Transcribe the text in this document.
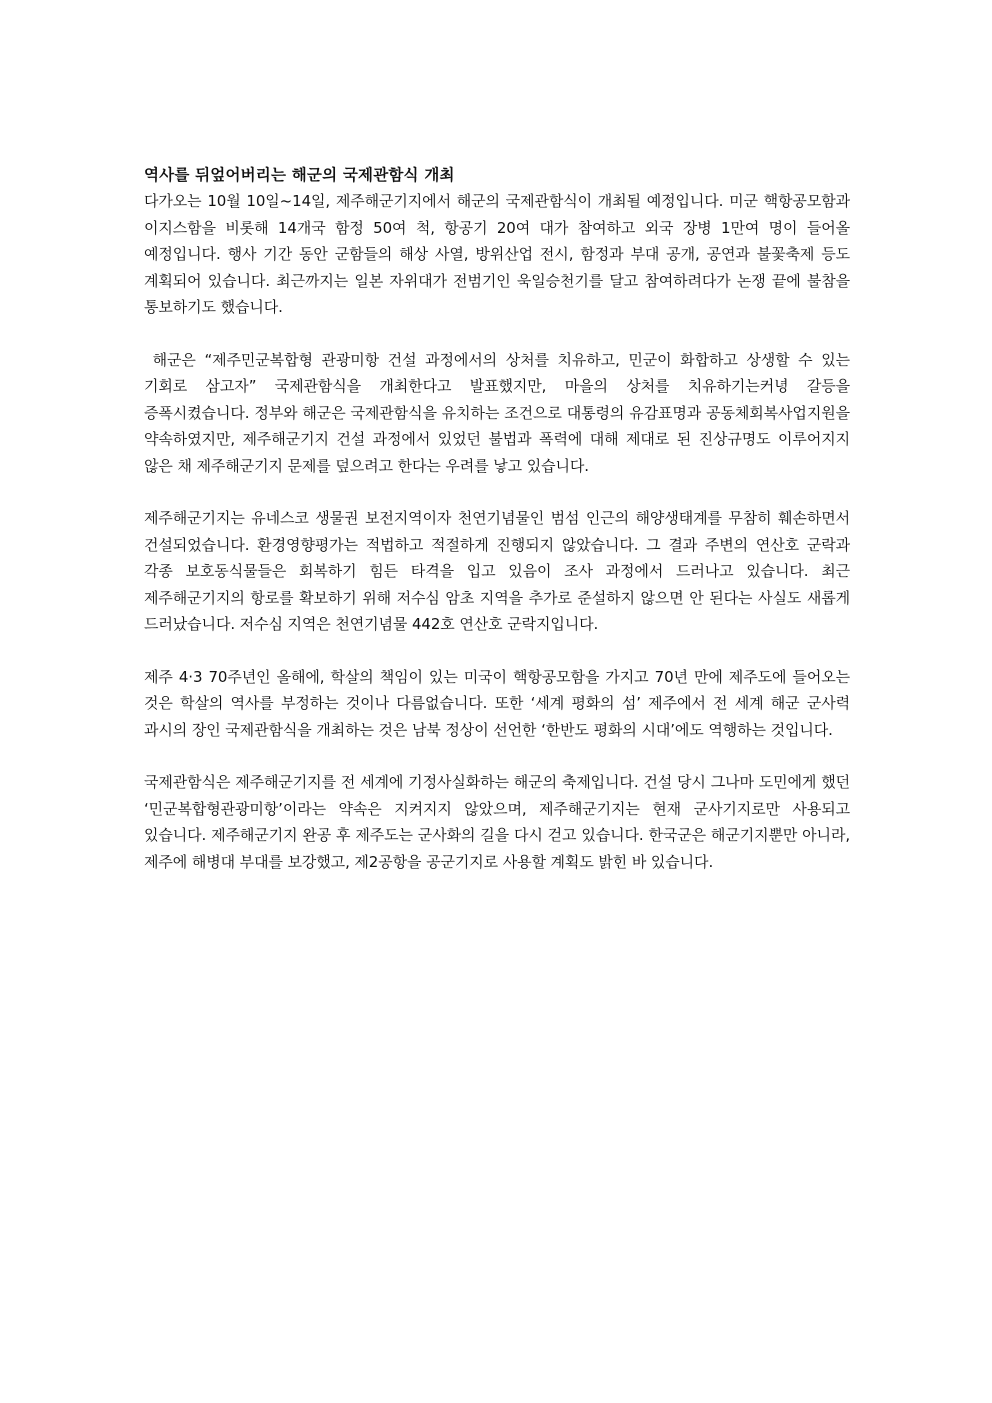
역사를 뒤엎어버리는 해군의 국제관함식 개최

다가오는 10월 10일~14일, 제주해군기지에서 해군의 국제관함식이 개최될 예정입니다. 미군 핵항공모함과 이지스함을 비롯해 14개국 함정 50여 척, 항공기 20여 대가 참여하고 외국 장병 1만여 명이 들어올 예정입니다. 행사 기간 동안 군함들의 해상 사열, 방위산업 전시, 함정과 부대 공개, 공연과 불꽃축제 등도 계획되어 있습니다. 최근까지는 일본 자위대가 전범기인 욱일승천기를 달고 참여하려다가 논쟁 끝에 불참을 통보하기도 했습니다.

해군은 “제주민군복합형 관광미항 건설 과정에서의 상처를 치유하고, 민군이 화합하고 상생할 수 있는 기회로 삼고자” 국제관함식을 개최한다고 발표했지만, 마을의 상처를 치유하기는커녕 갈등을 증폭시켰습니다. 정부와 해군은 국제관함식을 유치하는 조건으로 대통령의 유감표명과 공동체회복사업지원을 약속하였지만, 제주해군기지 건설 과정에서 있었던 불법과 폭력에 대해 제대로 된 진상규명도 이루어지지 않은 채 제주해군기지 문제를 덮으려고 한다는 우려를 낳고 있습니다.

제주해군기지는 유네스코 생물권 보전지역이자 천연기념물인 범섬 인근의 해양생태계를 무참히 훼손하면서 건설되었습니다. 환경영향평가는 적법하고 적절하게 진행되지 않았습니다. 그 결과 주변의 연산호 군락과 각종 보호동식물들은 회복하기 힘든 타격을 입고 있음이 조사 과정에서 드러나고 있습니다. 최근 제주해군기지의 항로를 확보하기 위해 저수심 암초 지역을 추가로 준설하지 않으면 안 된다는 사실도 새롭게 드러났습니다. 저수심 지역은 천연기념물 442호 연산호 군락지입니다.

제주 4·3 70주년인 올해에, 학살의 책임이 있는 미국이 핵항공모함을 가지고 70년 만에 제주도에 들어오는 것은 학살의 역사를 부정하는 것이나 다름없습니다. 또한 ‘세계 평화의 섬’ 제주에서 전 세계 해군 군사력 과시의 장인 국제관함식을 개최하는 것은 남북 정상이 선언한 ‘한반도 평화의 시대’에도 역행하는 것입니다.

국제관함식은 제주해군기지를 전 세계에 기정사실화하는 해군의 축제입니다. 건설 당시 그나마 도민에게 했던 ‘민군복합형관광미항’이라는 약속은 지켜지지 않았으며, 제주해군기지는 현재 군사기지로만 사용되고 있습니다. 제주해군기지 완공 후 제주도는 군사화의 길을 다시 걷고 있습니다. 한국군은 해군기지뿐만 아니라, 제주에 해병대 부대를 보강했고, 제2공항을 공군기지로 사용할 계획도 밝힌 바 있습니다.
